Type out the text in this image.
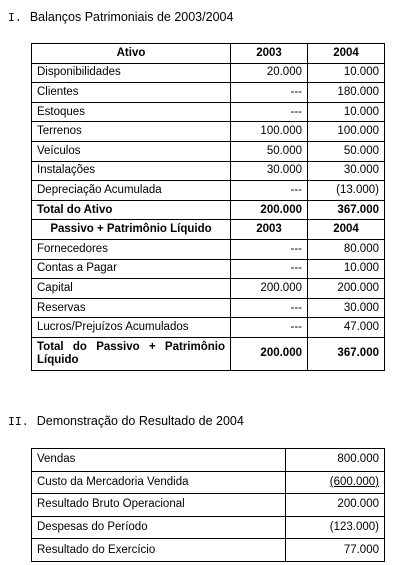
I. Balanços Patrimoniais de 2003/2004
Ativo	2003	2004
Disponibilidades	20.000	10.000
Clientes	---	180.000
Estoques	---	10.000
Terrenos	100.000	100.000
Veículos	50.000	50.000
Instalações	30.000	30.000
Depreciação Acumulada	---	(13.000)
Total do Ativo	200.000	367.000
Passivo + Patrimônio Líquido	2003	2004
Fornecedores	---	80.000
Contas a Pagar	---	10.000
Capital	200.000	200.000
Reservas	---	30.000
Lucros/Prejuízos Acumulados	---	47.000
Total do Passivo + Patrimônio Líquido	200.000	367.000
II. Demonstração do Resultado de 2004
Vendas	800.000
Custo da Mercadoria Vendida	(600.000)
Resultado Bruto Operacional	200.000
Despesas do Período	(123.000)
Resultado do Exercício	77.000
